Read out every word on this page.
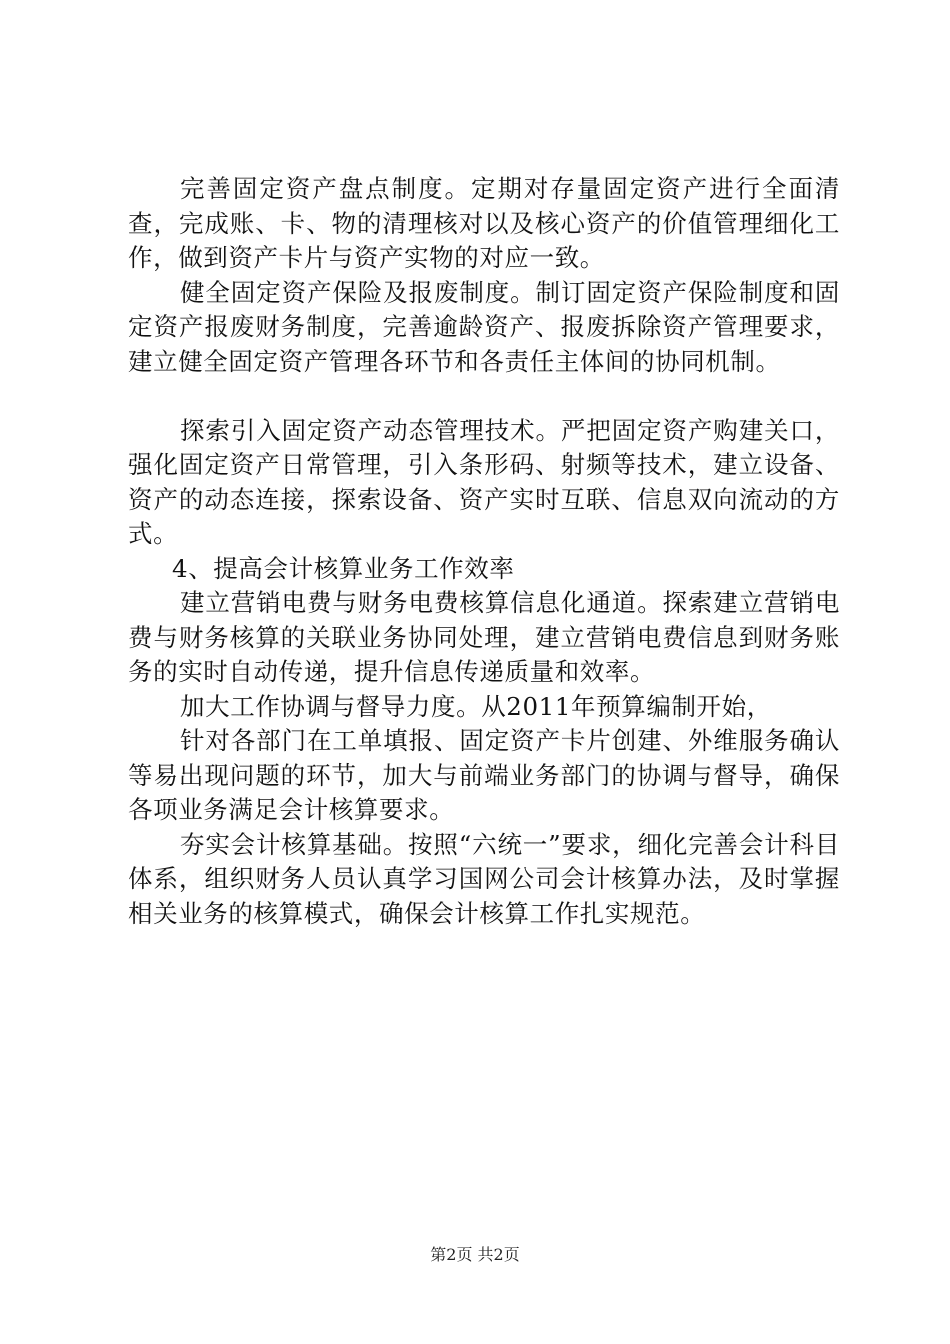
完善固定资产盘点制度。定期对存量固定资产进行全面清查，完成账、卡、物的清理核对以及核心资产的价值管理细化工作，做到资产卡片与资产实物的对应一致。

健全固定资产保险及报废制度。制订固定资产保险制度和固定资产报废财务制度，完善逾龄资产、报废拆除资产管理要求，建立健全固定资产管理各环节和各责任主体间的协同机制。

探索引入固定资产动态管理技术。严把固定资产购建关口，强化固定资产日常管理，引入条形码、射频等技术，建立设备、资产的动态连接，探索设备、资产实时互联、信息双向流动的方式。

4、提高会计核算业务工作效率

建立营销电费与财务电费核算信息化通道。探索建立营销电费与财务核算的关联业务协同处理，建立营销电费信息到财务账务的实时自动传递，提升信息传递质量和效率。

加大工作协调与督导力度。从2011年预算编制开始，

针对各部门在工单填报、固定资产卡片创建、外维服务确认等易出现问题的环节，加大与前端业务部门的协调与督导，确保各项业务满足会计核算要求。

夯实会计核算基础。按照“六统一”要求，细化完善会计科目体系，组织财务人员认真学习国网公司会计核算办法，及时掌握相关业务的核算模式，确保会计核算工作扎实规范。

第2页 共2页
